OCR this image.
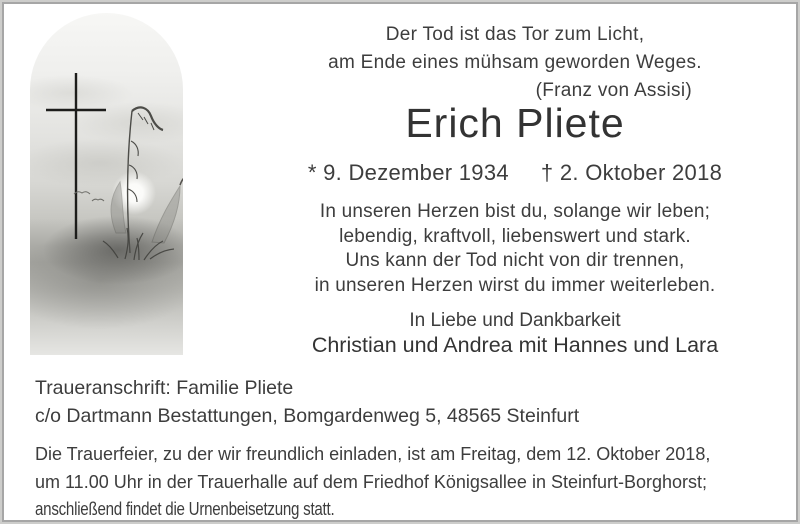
Der Tod ist das Tor zum Licht,
am Ende eines mühsam geworden Weges.
(Franz von Assisi)
Erich Pliete
* 9. Dezember 1934 † 2. Oktober 2018
In unseren Herzen bist du, solange wir leben;
lebendig, kraftvoll, liebenswert und stark.
Uns kann der Tod nicht von dir trennen,
in unseren Herzen wirst du immer weiterleben.
In Liebe und Dankbarkeit
Christian und Andrea mit Hannes und Lara
Traueranschrift: Familie Pliete
c/o Dartmann Bestattungen, Bomgardenweg 5, 48565 Steinfurt
Die Trauerfeier, zu der wir freundlich einladen, ist am Freitag, dem 12. Oktober 2018,
um 11.00 Uhr in der Trauerhalle auf dem Friedhof Königsallee in Steinfurt-Borghorst;
anschließend findet die Urnenbeisetzung statt.
